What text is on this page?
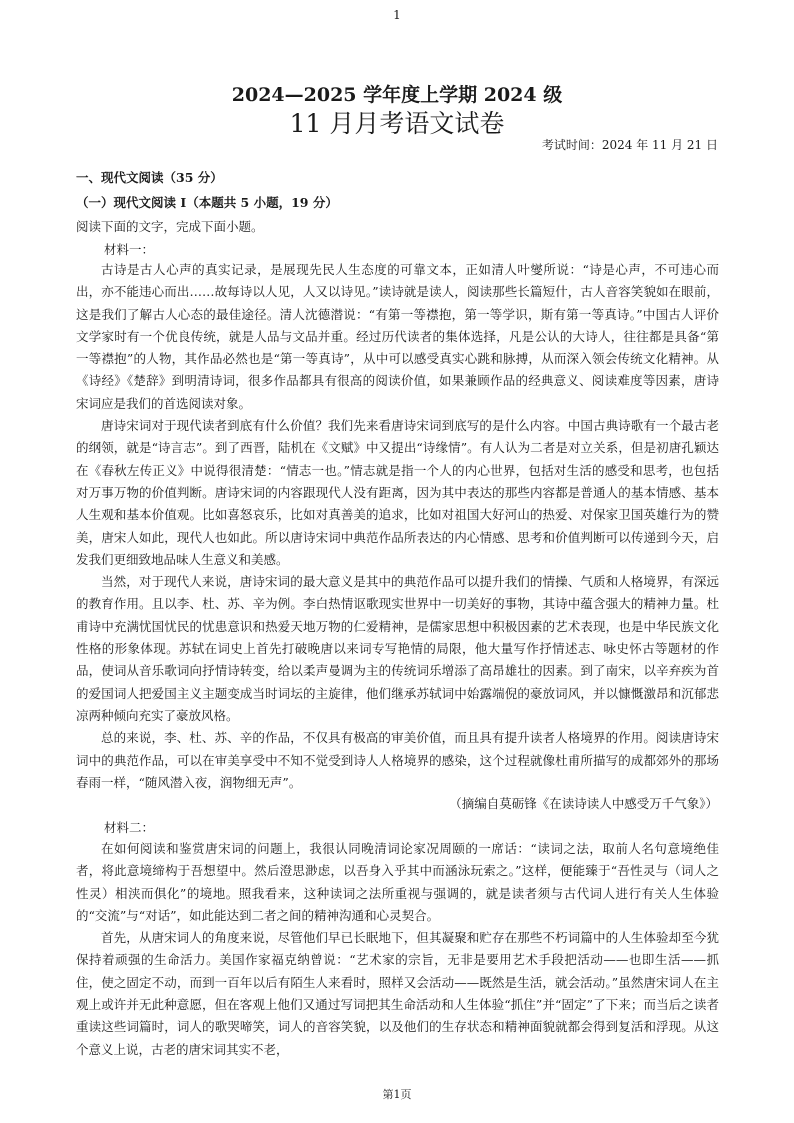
1
2024—2025 学年度上学期 2024 级
11 月月考语文试卷
考试时间：2024 年 11 月 21 日
一、现代文阅读（35 分）
（一）现代文阅读 I（本题共 5 小题，19 分）
阅读下面的文字，完成下面小题。
材料一：

古诗是古人心声的真实记录，是展现先民人生态度的可靠文本，正如清人叶燮所说：“诗是心声，不可违心而出，亦不能违心而出……故每诗以人见，人又以诗见。”读诗就是读人，阅读那些长篇短什，古人音容笑貌如在眼前，这是我们了解古人心态的最佳途径。清人沈德潜说：“有第一等襟抱，第一等学识，斯有第一等真诗。”中国古人评价文学家时有一个优良传统，就是人品与文品并重。经过历代读者的集体选择，凡是公认的大诗人，往往都是具备“第一等襟抱”的人物，其作品必然也是“第一等真诗”，从中可以感受真实心跳和脉搏，从而深入领会传统文化精神。从《诗经》《楚辞》到明清诗词，很多作品都具有很高的阅读价值，如果兼顾作品的经典意义、阅读难度等因素，唐诗宋词应是我们的首选阅读对象。

唐诗宋词对于现代读者到底有什么价值？我们先来看唐诗宋词到底写的是什么内容。中国古典诗歌有一个最古老的纲领，就是“诗言志”。到了西晋，陆机在《文赋》中又提出“诗缘情”。有人认为二者是对立关系，但是初唐孔颖达在《春秋左传正义》中说得很清楚：“情志一也。”情志就是指一个人的内心世界，包括对生活的感受和思考，也包括对万事万物的价值判断。唐诗宋词的内容跟现代人没有距离，因为其中表达的那些内容都是普通人的基本情感、基本人生观和基本价值观。比如喜怒哀乐，比如对真善美的追求，比如对祖国大好河山的热爱、对保家卫国英雄行为的赞美，唐宋人如此，现代人也如此。所以唐诗宋词中典范作品所表达的内心情感、思考和价值判断可以传递到今天，启发我们更细致地品味人生意义和美感。

当然，对于现代人来说，唐诗宋词的最大意义是其中的典范作品可以提升我们的情操、气质和人格境界，有深远的教育作用。且以李、杜、苏、辛为例。李白热情讴歌现实世界中一切美好的事物，其诗中蕴含强大的精神力量。杜甫诗中充满忧国忧民的忧患意识和热爱天地万物的仁爱精神，是儒家思想中积极因素的艺术表现，也是中华民族文化性格的形象体现。苏轼在词史上首先打破晚唐以来词专写艳情的局限，他大量写作抒情述志、咏史怀古等题材的作品，使词从音乐歌词向抒情诗转变，给以柔声曼调为主的传统词乐增添了高昂雄壮的因素。到了南宋，以辛弃疾为首的爱国词人把爱国主义主题变成当时词坛的主旋律，他们继承苏轼词中始露端倪的豪放词风，并以慷慨激昂和沉郁悲凉两种倾向充实了豪放风格。

总的来说，李、杜、苏、辛的作品，不仅具有极高的审美价值，而且具有提升读者人格境界的作用。阅读唐诗宋词中的典范作品，可以在审美享受中不知不觉受到诗人人格境界的感染，这个过程就像杜甫所描写的成都郊外的那场春雨一样，“随风潜入夜，润物细无声”。

（摘编自莫砺锋《在读诗读人中感受万千气象》）
材料二：

在如何阅读和鉴赏唐宋词的问题上，我很认同晚清词论家况周颐的一席话：“读词之法，取前人名句意境绝佳者，将此意境缔构于吾想望中。然后澄思渺虑，以吾身入乎其中而涵泳玩索之。”这样，便能臻于“吾性灵与（词人之性灵）相浃而俱化”的境地。照我看来，这种读词之法所重视与强调的，就是读者须与古代词人进行有关人生体验的“交流”与“对话”，如此能达到二者之间的精神沟通和心灵契合。

首先，从唐宋词人的角度来说，尽管他们早已长眠地下，但其凝聚和贮存在那些不朽词篇中的人生体验却至今犹保持着顽强的生命活力。美国作家福克纳曾说：“艺术家的宗旨，无非是要用艺术手段把活动——也即生活——抓住，使之固定不动，而到一百年以后有陌生人来看时，照样又会活动——既然是生活，就会活动。”虽然唐宋词人在主观上或许并无此种意愿，但在客观上他们又通过写词把其生命活动和人生体验“抓住”并“固定”了下来；而当后之读者重读这些词篇时，词人的歌哭啼笑，词人的音容笑貌，以及他们的生存状态和精神面貌就都会得到复活和浮现。从这个意义上说，古老的唐宋词其实不老，

第1页
